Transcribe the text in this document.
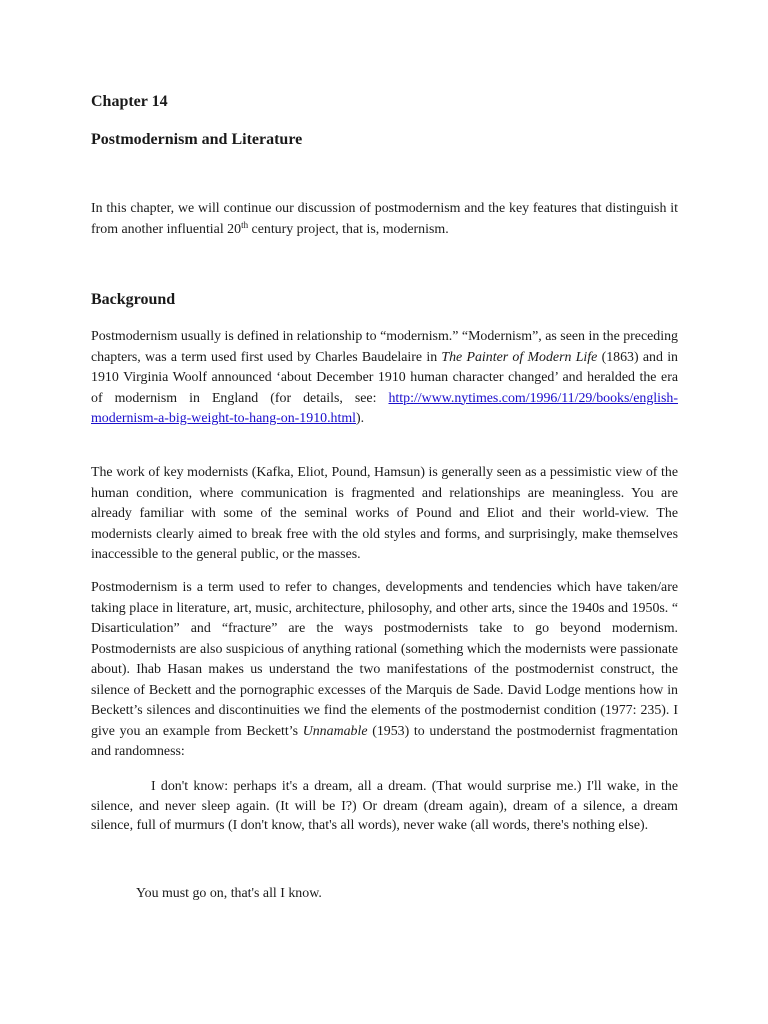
Chapter 14
Postmodernism and Literature

In this chapter, we will continue our discussion of postmodernism and the key features that distinguish it from another influential 20th century project, that is, modernism.

Background

Postmodernism usually is defined in relationship to “modernism.” “Modernism”, as seen in the preceding chapters, was a term used first used by Charles Baudelaire in The Painter of Modern Life (1863) and in 1910 Virginia Woolf announced ‘about December 1910 human character changed’ and heralded the era of modernism in England (for details, see: http://www.nytimes.com/1996/11/29/books/english-modernism-a-big-weight-to-hang-on-1910.html).

The work of key modernists (Kafka, Eliot, Pound, Hamsun) is generally seen as a pessimistic view of the human condition, where communication is fragmented and relationships are meaningless. You are already familiar with some of the seminal works of Pound and Eliot and their world-view. The modernists clearly aimed to break free with the old styles and forms, and surprisingly, make themselves inaccessible to the general public, or the masses.

Postmodernism is a term used to refer to changes, developments and tendencies which have taken/are taking place in literature, art, music, architecture, philosophy, and other arts, since the 1940s and 1950s. “ Disarticulation” and “fracture” are the ways postmodernists take to go beyond modernism. Postmodernists are also suspicious of anything rational (something which the modernists were passionate about). Ihab Hasan makes us understand the two manifestations of the postmodernist construct, the silence of Beckett and the pornographic excesses of the Marquis de Sade. David Lodge mentions how in Beckett’s silences and discontinuities we find the elements of the postmodernist condition (1977: 235). I give you an example from Beckett’s Unnamable (1953) to understand the postmodernist fragmentation and randomness:

I don't know: perhaps it's a dream, all a dream. (That would surprise me.) I'll wake, in the silence, and never sleep again. (It will be I?) Or dream (dream again), dream of a silence, a dream silence, full of murmurs (I don't know, that's all words), never wake (all words, there's nothing else).

You must go on, that's all I know.
